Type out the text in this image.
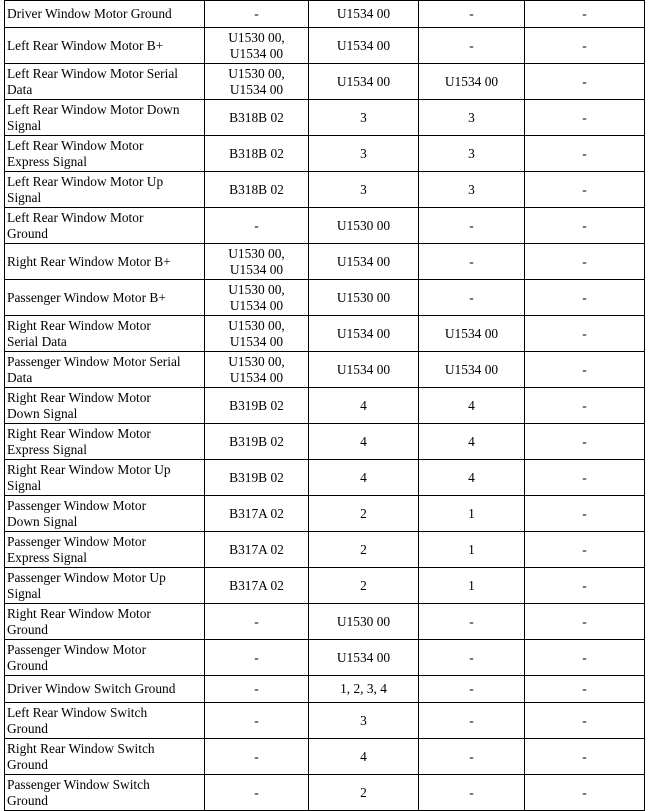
Driver Window Motor Ground	-	U1534 00	-	-
Left Rear Window Motor B+	U1530 00,
U1534 00	U1534 00	-	-
Left Rear Window Motor Serial
Data	U1530 00,
U1534 00	U1534 00	U1534 00	-
Left Rear Window Motor Down
Signal	B318B 02	3	3	-
Left Rear Window Motor
Express Signal	B318B 02	3	3	-
Left Rear Window Motor Up
Signal	B318B 02	3	3	-
Left Rear Window Motor
Ground	-	U1530 00	-	-
Right Rear Window Motor B+	U1530 00,
U1534 00	U1534 00	-	-
Passenger Window Motor B+	U1530 00,
U1534 00	U1530 00	-	-
Right Rear Window Motor
Serial Data	U1530 00,
U1534 00	U1534 00	U1534 00	-
Passenger Window Motor Serial
Data	U1530 00,
U1534 00	U1534 00	U1534 00	-
Right Rear Window Motor
Down Signal	B319B 02	4	4	-
Right Rear Window Motor
Express Signal	B319B 02	4	4	-
Right Rear Window Motor Up
Signal	B319B 02	4	4	-
Passenger Window Motor
Down Signal	B317A 02	2	1	-
Passenger Window Motor
Express Signal	B317A 02	2	1	-
Passenger Window Motor Up
Signal	B317A 02	2	1	-
Right Rear Window Motor
Ground	-	U1530 00	-	-
Passenger Window Motor
Ground	-	U1534 00	-	-
Driver Window Switch Ground	-	1, 2, 3, 4	-	-
Left Rear Window Switch
Ground	-	3	-	-
Right Rear Window Switch
Ground	-	4	-	-
Passenger Window Switch
Ground	-	2	-	-
